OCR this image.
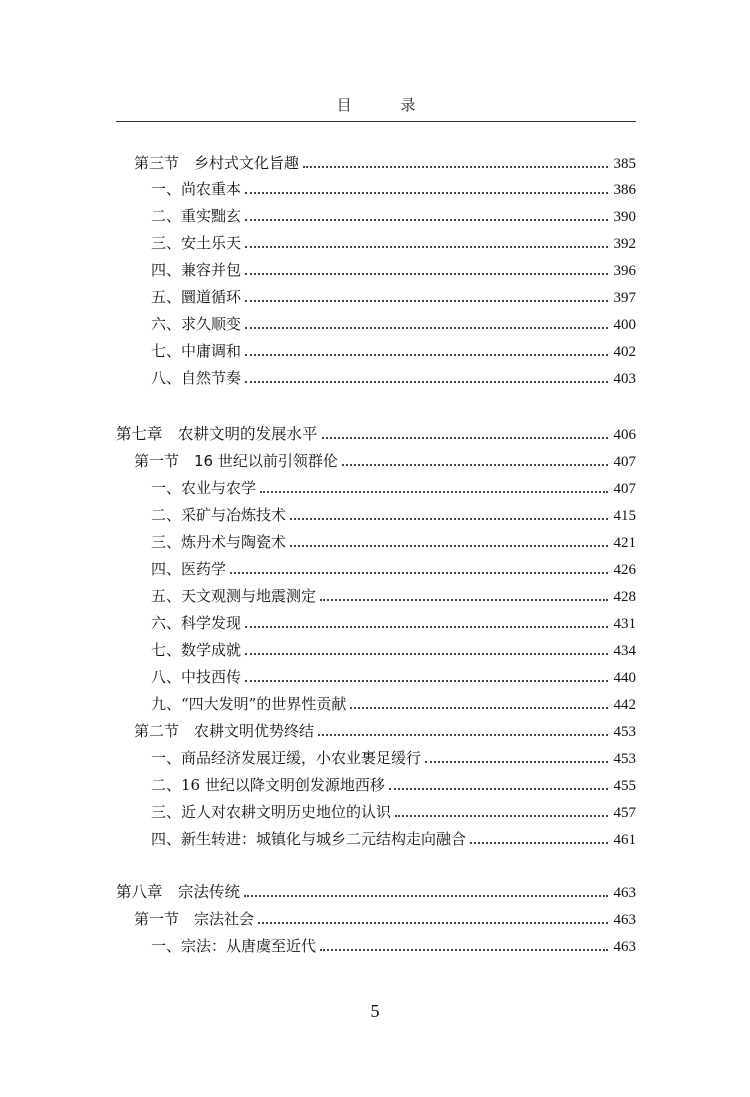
目 录
第三节　乡村式文化旨趣	385
一、尚农重本	386
二、重实黜玄	390
三、安土乐天	392
四、兼容并包	396
五、圜道循环	397
六、求久顺变	400
七、中庸调和	402
八、自然节奏	403
第七章　农耕文明的发展水平	406
第一节　16 世纪以前引领群伦	407
一、农业与农学	407
二、采矿与冶炼技术	415
三、炼丹术与陶瓷术	421
四、医药学	426
五、天文观测与地震测定	428
六、科学发现	431
七、数学成就	434
八、中技西传	440
九、“四大发明”的世界性贡献	442
第二节　农耕文明优势终结	453
一、商品经济发展迂缓，小农业裹足缓行	453
二、16 世纪以降文明创发源地西移	455
三、近人对农耕文明历史地位的认识	457
四、新生转进：城镇化与城乡二元结构走向融合	461
第八章　宗法传统	463
第一节　宗法社会	463
一、宗法：从唐虞至近代	463
5
